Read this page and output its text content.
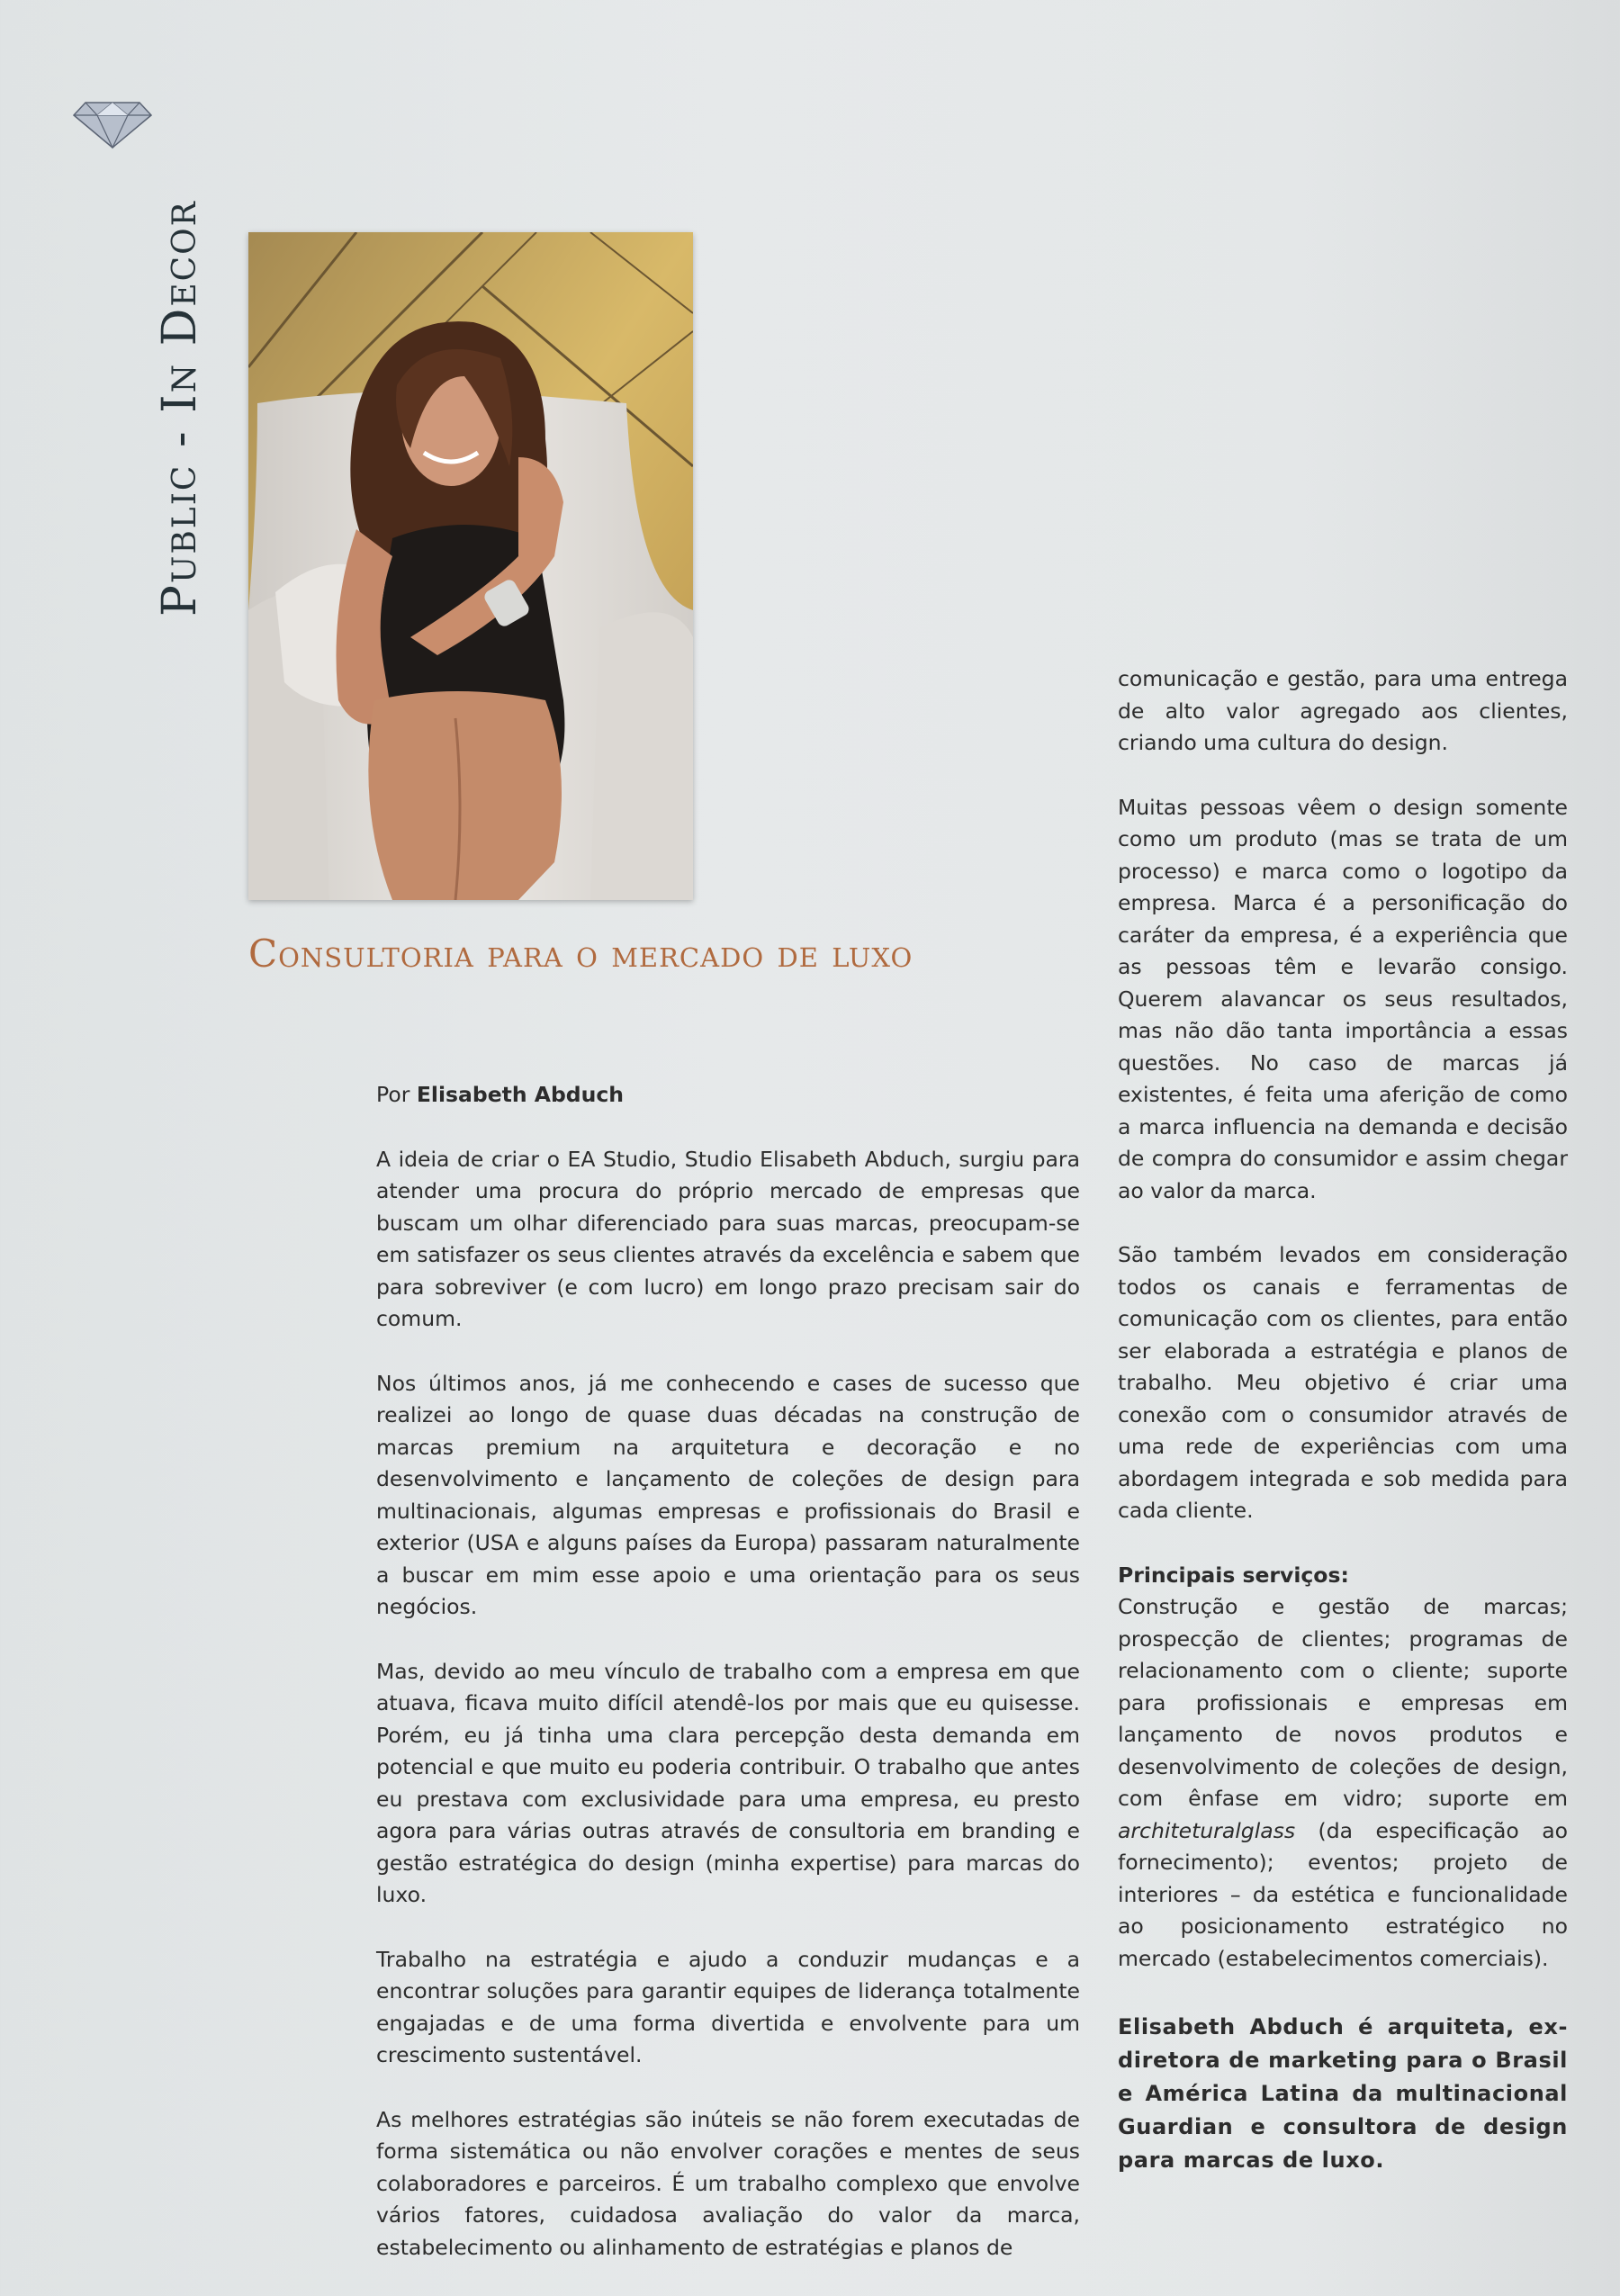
Public - In Decor
Consultoria para o mercado de luxo

Por Elisabeth Abduch

A ideia de criar o EA Studio, Studio Elisabeth Abduch, surgiu para atender uma procura do próprio mercado de empresas que buscam um olhar diferenciado para suas marcas, preocupam-se em satisfazer os seus clientes através da excelência e sabem que para sobreviver (e com lucro) em longo prazo precisam sair do comum.

Nos últimos anos, já me conhecendo e cases de sucesso que realizei ao longo de quase duas décadas na construção de marcas premium na arquitetura e decoração e no desenvolvimento e lançamento de coleções de design para multinacionais, algumas empresas e profissionais do Brasil e exterior (USA e alguns países da Europa) passaram naturalmente a buscar em mim esse apoio e uma orientação para os seus negócios.

Mas, devido ao meu vínculo de trabalho com a empresa em que atuava, ficava muito difícil atendê-los por mais que eu quisesse. Porém, eu já tinha uma clara percepção desta demanda em potencial e que muito eu poderia contribuir. O trabalho que antes eu prestava com exclusividade para uma empresa, eu presto agora para várias outras através de consultoria em branding e gestão estratégica do design (minha expertise) para marcas do luxo.

Trabalho na estratégia e ajudo a conduzir mudanças e a encontrar soluções para garantir equipes de liderança totalmente engajadas e de uma forma divertida e envolvente para um crescimento sustentável.

As melhores estratégias são inúteis se não forem executadas de forma sistemática ou não envolver corações e mentes de seus colaboradores e parceiros. É um trabalho complexo que envolve vários fatores, cuidadosa avaliação do valor da marca, estabelecimento ou alinhamento de estratégias e planos de

comunicação e gestão, para uma entrega de alto valor agregado aos clientes, criando uma cultura do design.

Muitas pessoas vêem o design somente como um produto (mas se trata de um processo) e marca como o logotipo da empresa. Marca é a personificação do caráter da empresa, é a experiência que as pessoas têm e levarão consigo. Querem alavancar os seus resultados, mas não dão tanta importância a essas questões. No caso de marcas já existentes, é feita uma aferição de como a marca influencia na demanda e decisão de compra do consumidor e assim chegar ao valor da marca.

São também levados em consideração todos os canais e ferramentas de comunicação com os clientes, para então ser elaborada a estratégia e planos de trabalho. Meu objetivo é criar uma conexão com o consumidor através de uma rede de experiências com uma abordagem integrada e sob medida para cada cliente.

Principais serviços:

Construção e gestão de marcas; prospecção de clientes; programas de relacionamento com o cliente; suporte para profissionais e empresas em lançamento de novos produtos e desenvolvimento de coleções de design, com ênfase em vidro; suporte em architeturalglass (da especificação ao fornecimento); eventos; projeto de interiores – da estética e funcionalidade ao posicionamento estratégico no mercado (estabelecimentos comerciais).

Elisabeth Abduch é arquiteta, ex-diretora de marketing para o Brasil e América Latina da multinacional Guardian e consultora de design para marcas de luxo.
